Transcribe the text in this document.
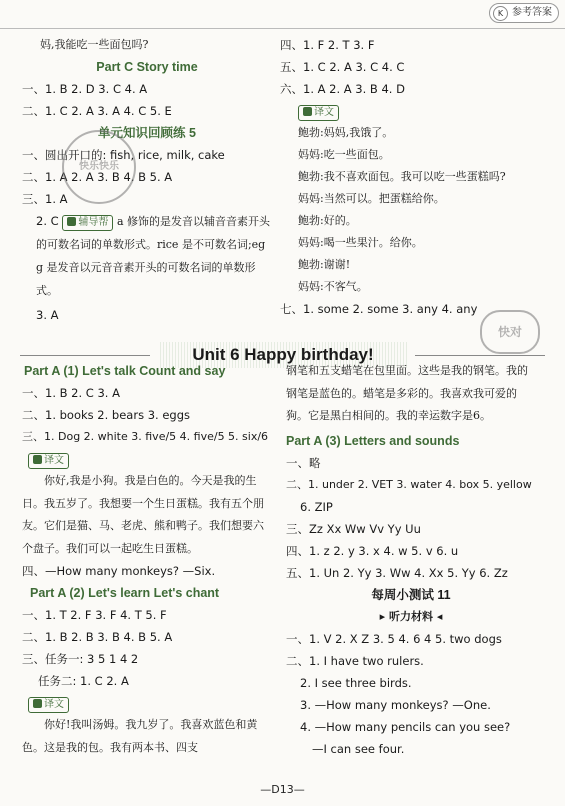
K 参考答案
妈,我能吃一些面包吗?
Part C Story time
一、1. B 2. D 3. C 4. A
二、1. C 2. A 3. A 4. C 5. E
单元知识回顾练 5
一、圆出开口的: fish, rice, milk, cake
二、1. A 2. A 3. B 4. B 5. A
三、1. A
2. C 辅导帮 a 修饰的是发音以辅音音素开头的可数名词的单数形式。rice 是不可数名词;egg 是发音以元音音素开头的可数名词的单数形式。
3. A
快乐快乐
快对
四、1. F 2. T 3. F
五、1. C 2. A 3. C 4. C
六、1. A 2. A 3. B 4. D
译文
鲍勃:妈妈,我饿了。
妈妈:吃一些面包。
鲍勃:我不喜欢面包。我可以吃一些蛋糕吗?
妈妈:当然可以。把蛋糕给你。
鲍勃:好的。
妈妈:喝一些果汁。给你。
鲍勃:谢谢!
妈妈:不客气。
七、1. some 2. some 3. any 4. any
Unit 6 Happy birthday!
Part A (1) Let's talk Count and say
一、1. B 2. C 3. A
二、1. books 2. bears 3. eggs
三、1. Dog 2. white 3. five/5 4. five/5 5. six/6
译文
你好,我是小狗。我是白色的。今天是我的生日。我五岁了。我想要一个生日蛋糕。我有五个朋友。它们是猫、马、老虎、熊和鸭子。我们想要六个盘子。我们可以一起吃生日蛋糕。
四、—How many monkeys? —Six.
Part A (2) Let's learn Let's chant
一、1. T 2. F 3. F 4. T 5. F
二、1. B 2. B 3. B 4. B 5. A
三、任务一: 3 5 1 4 2
任务二: 1. C 2. A
译文
你好!我叫汤姆。我九岁了。我喜欢蓝色和黄色。这是我的包。我有两本书、四支
钢笔和五支蜡笔在包里面。这些是我的钢笔。我的钢笔是蓝色的。蜡笔是多彩的。我喜欢我可爱的狗。它是黑白相间的。我的幸运数字是6。
Part A (3) Letters and sounds
一、略
二、1. under 2. VET 3. water 4. box 5. yellow
6. ZIP
三、Zz Xx Ww Vv Yy Uu
四、1. z 2. y 3. x 4. w 5. v 6. u
五、1. Un 2. Yy 3. Ww 4. Xx 5. Yy 6. Zz
每周小测试 11
▸ 听力材料 ◂
一、1. V 2. X Z 3. 5 4. 6 4 5. two dogs
二、1. I have two rulers.
2. I see three birds.
3. —How many monkeys? —One.
4. —How many pencils can you see?
—I can see four.
—D13—
